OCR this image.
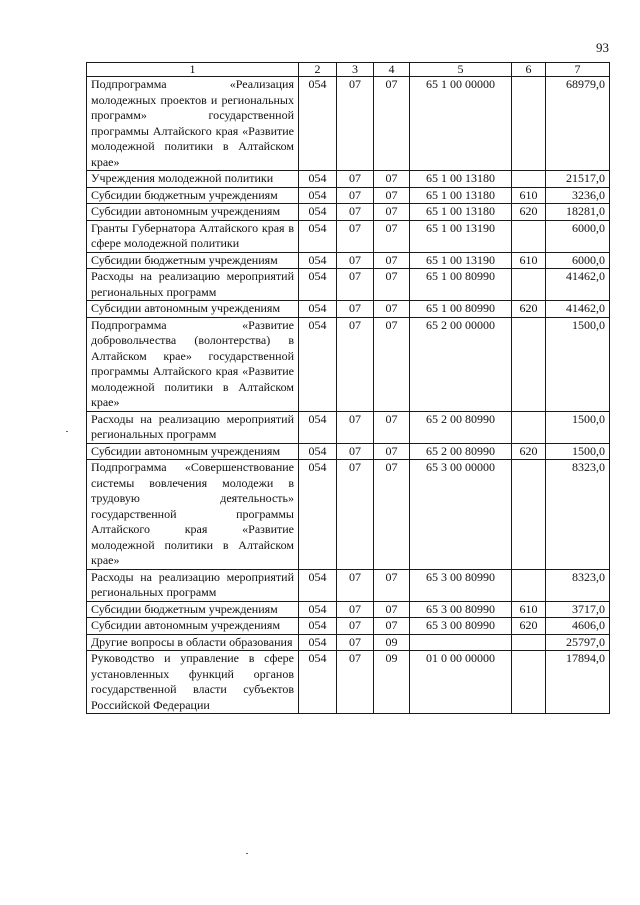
93
1	2	3	4	5	6	7
Подпрограмма «Реализация молодежных проектов и региональных программ» государственной программы Алтайского края «Развитие молодежной политики в Алтайском крае»	054	07	07	65 1 00 00000		68979,0
Учреждения молодежной политики	054	07	07	65 1 00 13180		21517,0
Субсидии бюджетным учреждениям	054	07	07	65 1 00 13180	610	3236,0
Субсидии автономным учреждениям	054	07	07	65 1 00 13180	620	18281,0
Гранты Губернатора Алтайского края в сфере молодежной политики	054	07	07	65 1 00 13190		6000,0
Субсидии бюджетным учреждениям	054	07	07	65 1 00 13190	610	6000,0
Расходы на реализацию мероприятий региональных программ	054	07	07	65 1 00 80990		41462,0
Субсидии автономным учреждениям	054	07	07	65 1 00 80990	620	41462,0
Подпрограмма «Развитие добровольчества (волонтерства) в Алтайском крае» государственной программы Алтайского края «Развитие молодежной политики в Алтайском крае»	054	07	07	65 2 00 00000		1500,0
Расходы на реализацию мероприятий региональных программ	054	07	07	65 2 00 80990		1500,0
Субсидии автономным учреждениям	054	07	07	65 2 00 80990	620	1500,0
Подпрограмма «Совершенствование системы вовлечения молодежи в трудовую деятельность» государственной программы Алтайского края «Развитие молодежной политики в Алтайском крае»	054	07	07	65 3 00 00000		8323,0
Расходы на реализацию мероприятий региональных программ	054	07	07	65 3 00 80990		8323,0
Субсидии бюджетным учреждениям	054	07	07	65 3 00 80990	610	3717,0
Субсидии автономным учреждениям	054	07	07	65 3 00 80990	620	4606,0
Другие вопросы в области образования	054	07	09			25797,0
Руководство и управление в сфере установленных функций органов государственной власти субъектов Российской Федерации	054	07	09	01 0 00 00000		17894,0
